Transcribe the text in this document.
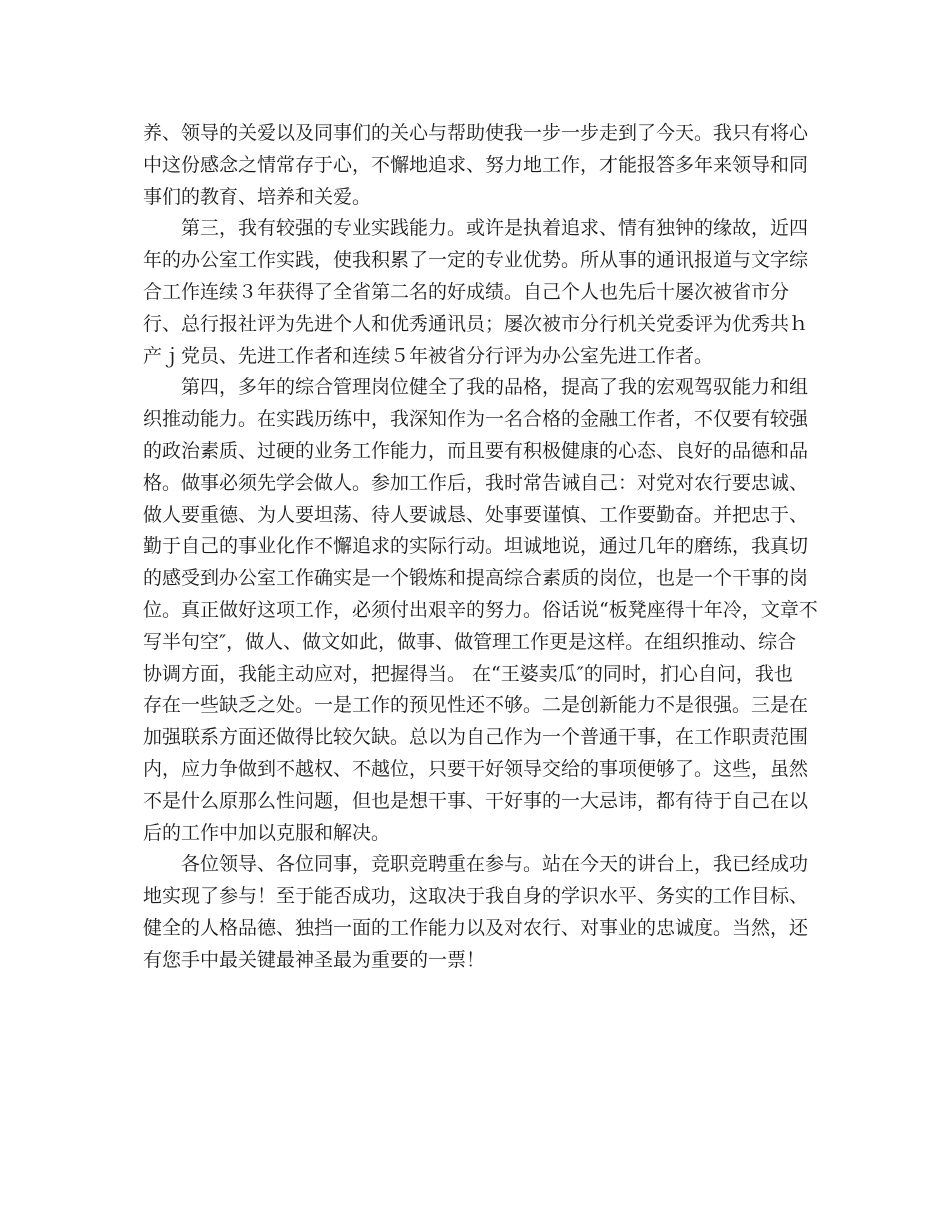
养、领导的关爱以及同事们的关心与帮助使我一步一步走到了今天。我只有将心
中这份感念之情常存于心，不懈地追求、努力地工作，才能报答多年来领导和同
事们的教育、培养和关爱。
　　第三，我有较强的专业实践能力。或许是执着追求、情有独钟的缘故，近四
年的办公室工作实践，使我积累了一定的专业优势。所从事的通讯报道与文字综
合工作连续３年获得了全省第二名的好成绩。自己个人也先后十屡次被省市分
行、总行报社评为先进个人和优秀通讯员；屡次被市分行机关党委评为优秀共ｈ
产ｊ党员、先进工作者和连续５年被省分行评为办公室先进工作者。
　　第四，多年的综合管理岗位健全了我的品格，提高了我的宏观驾驭能力和组
织推动能力。在实践历练中，我深知作为一名合格的金融工作者，不仅要有较强
的政治素质、过硬的业务工作能力，而且要有积极健康的心态、良好的品德和品
格。做事必须先学会做人。参加工作后，我时常告诫自己：对党对农行要忠诚、
做人要重德、为人要坦荡、待人要诚恳、处事要谨慎、工作要勤奋。并把忠于、
勤于自己的事业化作不懈追求的实际行动。坦诚地说，通过几年的磨练，我真切
的感受到办公室工作确实是一个锻炼和提高综合素质的岗位，也是一个干事的岗
位。真正做好这项工作，必须付出艰辛的努力。俗话说“板凳座得十年冷，文章不
写半句空″，做人、做文如此，做事、做管理工作更是这样。在组织推动、综合
协调方面，我能主动应对，把握得当。 在“王婆卖瓜″的同时，扪心自问，我也
存在一些缺乏之处。一是工作的预见性还不够。二是创新能力不是很强。三是在
加强联系方面还做得比较欠缺。总以为自己作为一个普通干事，在工作职责范围
内，应力争做到不越权、不越位，只要干好领导交给的事项便够了。这些，虽然
不是什么原那么性问题，但也是想干事、干好事的一大忌讳，都有待于自己在以
后的工作中加以克服和解决。
　　各位领导、各位同事，竞职竞聘重在参与。站在今天的讲台上，我已经成功
地实现了参与！至于能否成功，这取决于我自身的学识水平、务实的工作目标、
健全的人格品德、独挡一面的工作能力以及对农行、对事业的忠诚度。当然，还
有您手中最关键最神圣最为重要的一票！
